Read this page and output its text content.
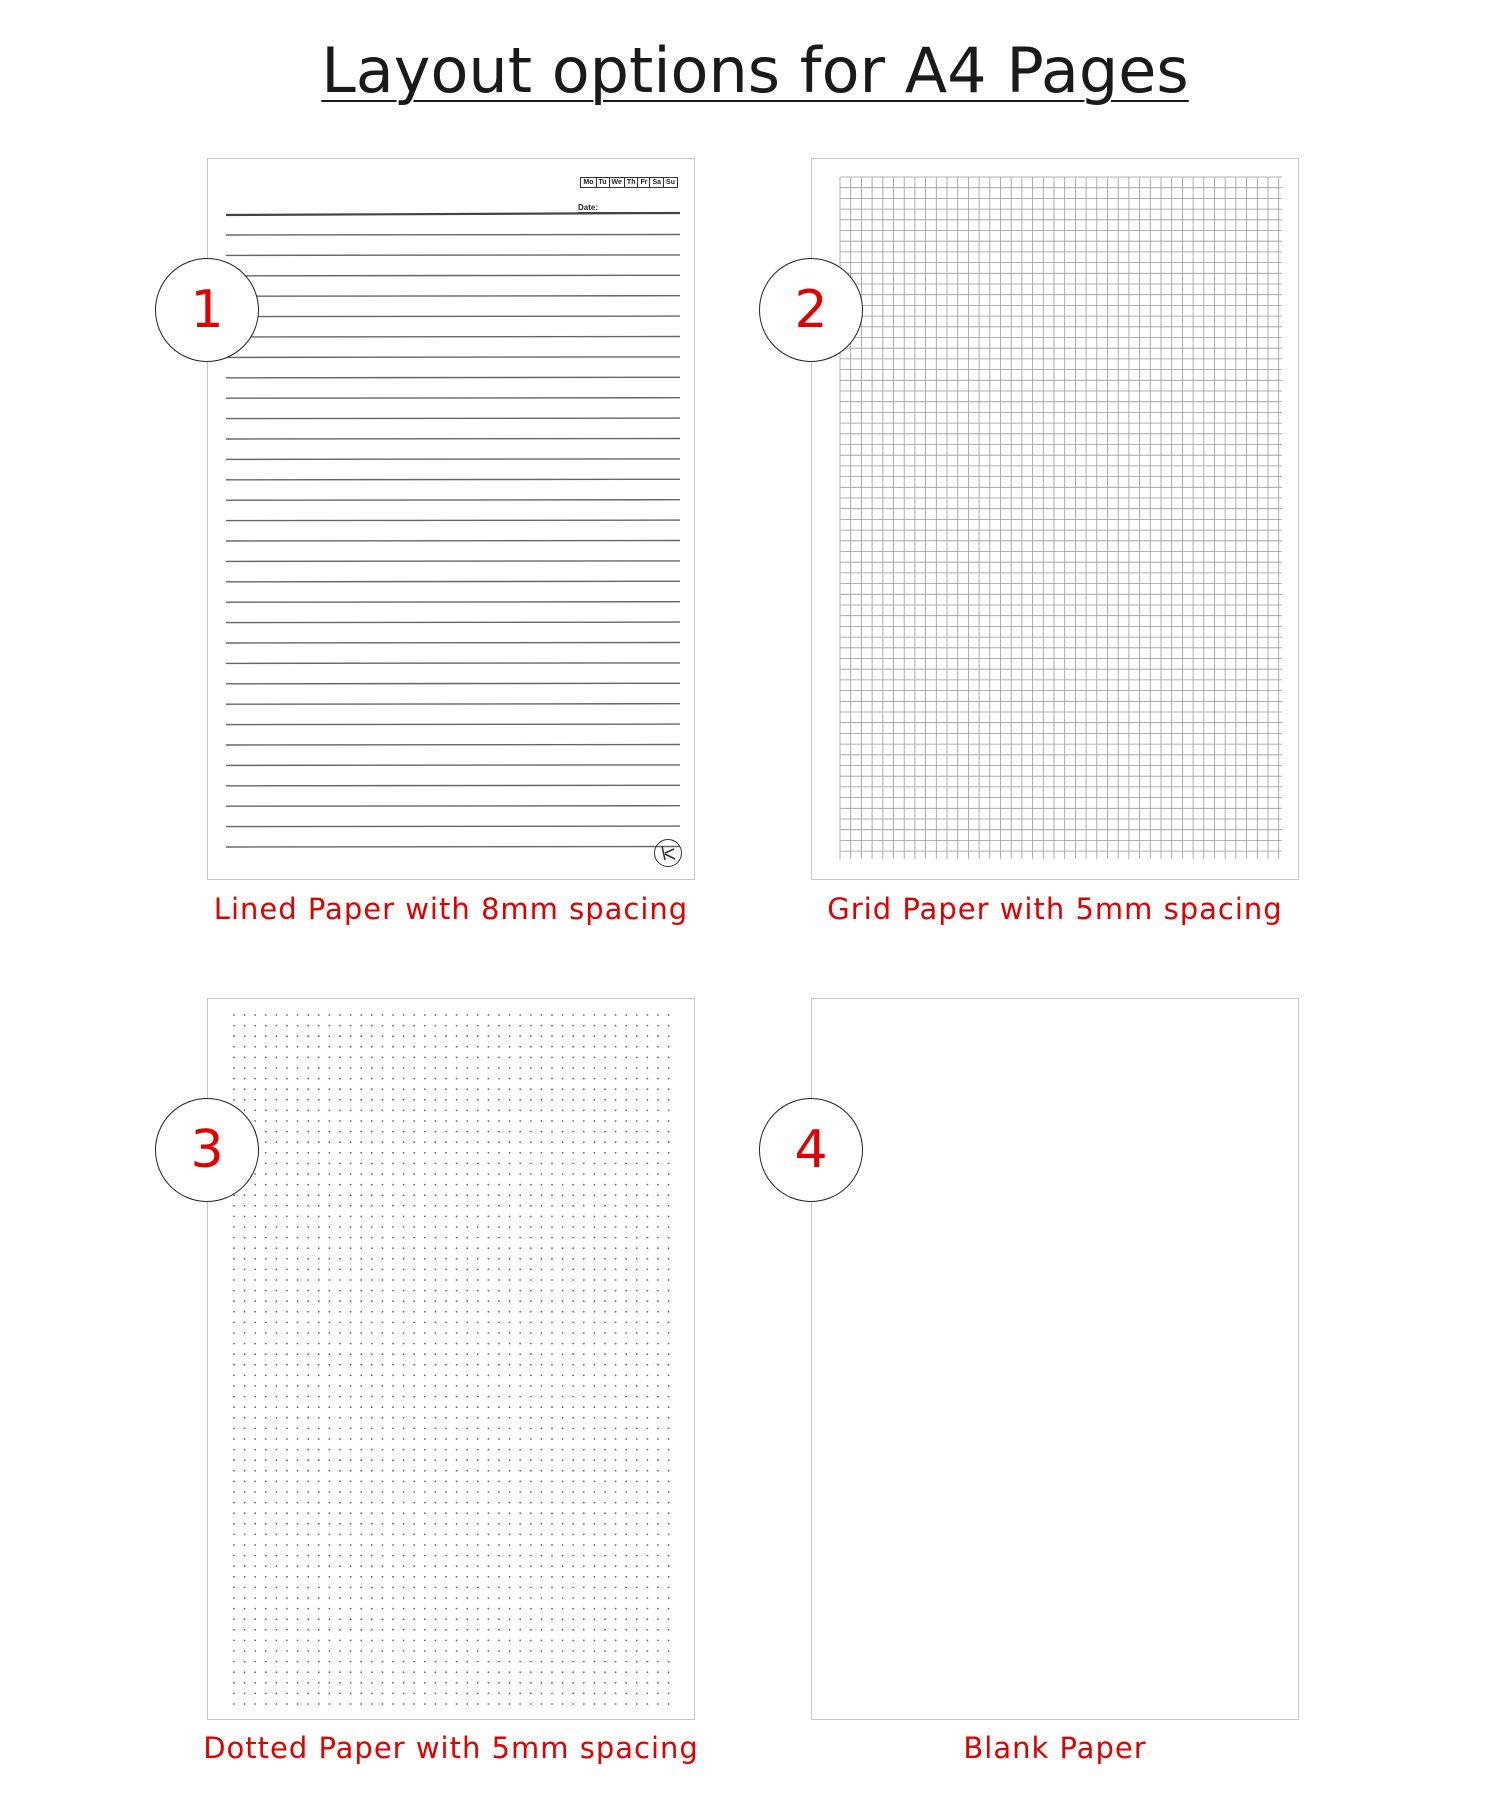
Layout options for A4 Pages
Mo Tu We Th Fr Sa Su
Date:
1	2
3	4
Lined Paper with 8mm spacing	Grid Paper with 5mm spacing
Dotted Paper with 5mm spacing	Blank Paper
